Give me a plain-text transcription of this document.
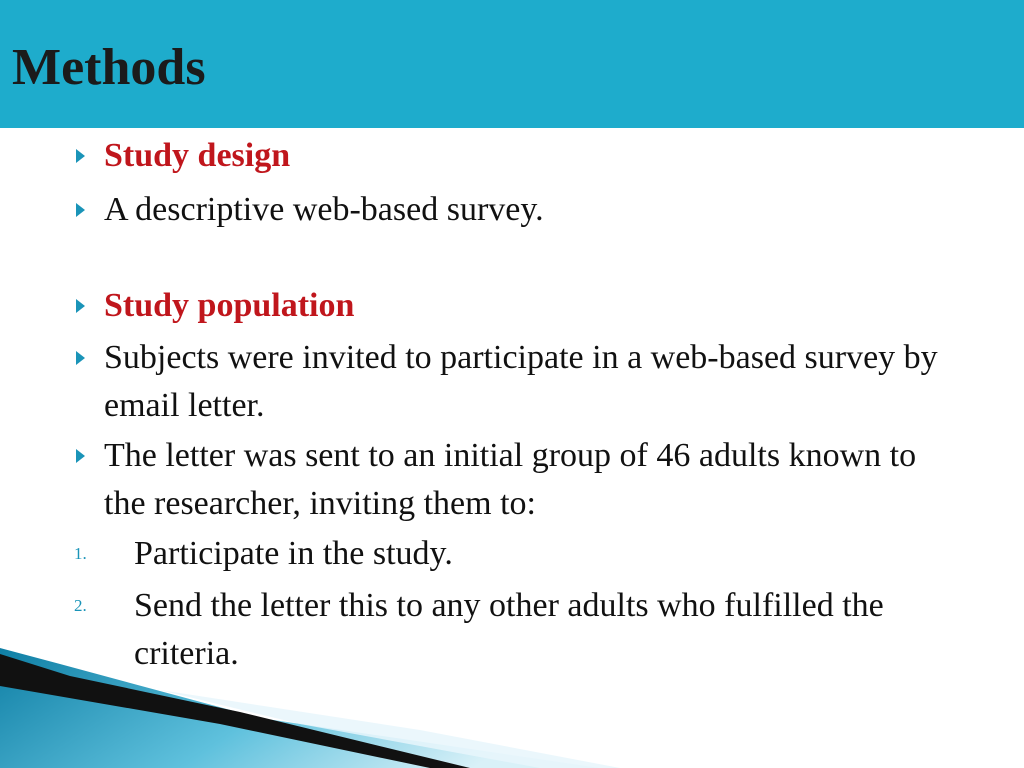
Methods
Study design
A descriptive web-based survey.
Study population
Subjects were invited to participate in a web-based survey by email letter.
The letter was sent to an initial group of 46 adults known to the researcher, inviting them to:
1. Participate in the study.
2. Send the letter this to any other adults who fulfilled the criteria.
